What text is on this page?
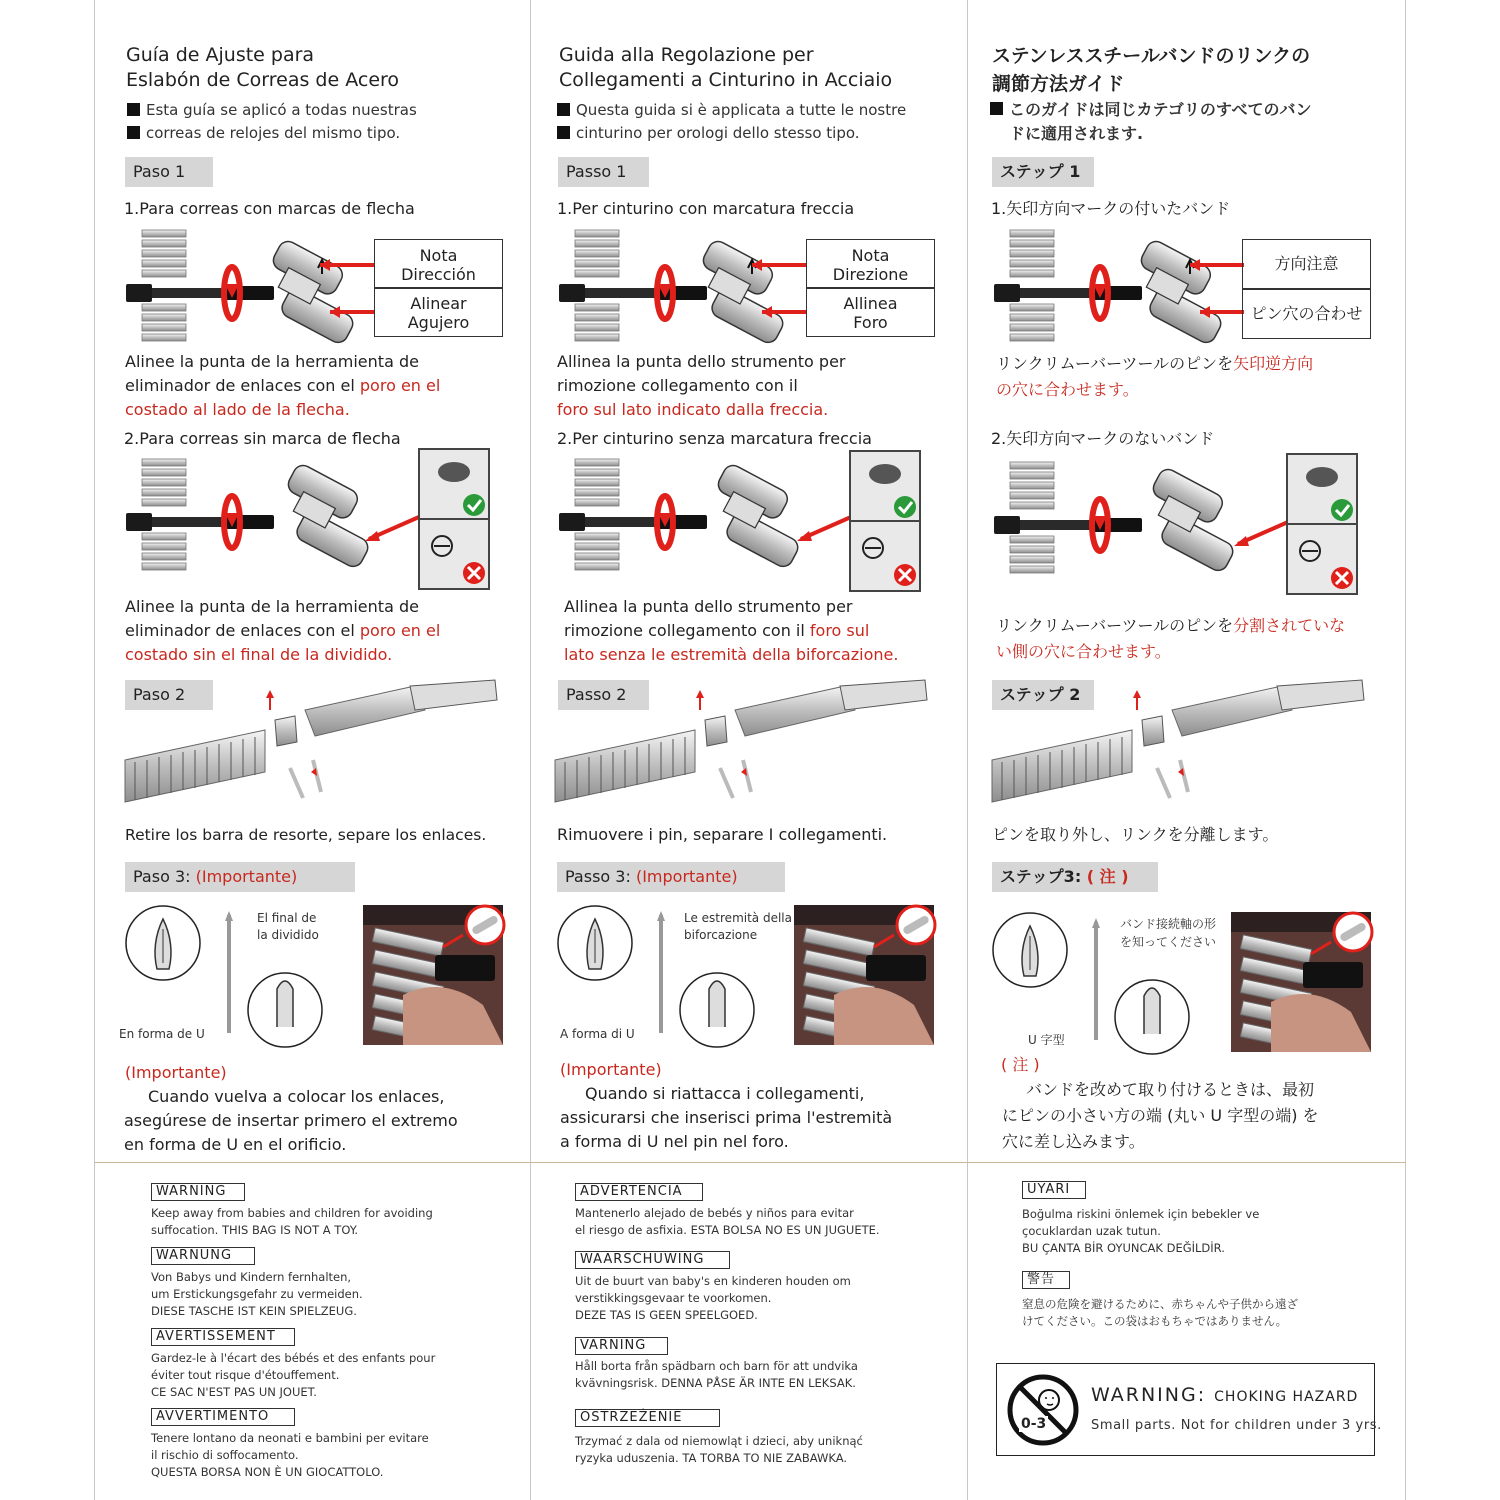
Guía de Ajuste para
Eslabón de Correas de Acero
Esta guía se aplicó a todas nuestras
correas de relojes del mismo tipo.
Paso 1
1.Para correas con marcas de flecha
Nota
Dirección
Alinear
Agujero
Alinee la punta de la herramienta de
eliminador de enlaces con el poro en el
costado al lado de la flecha.
2.Para correas sin marca de flecha
Alinee la punta de la herramienta de
eliminador de enlaces con el poro en el
costado sin el final de la dividido.
Paso 2
Retire los barra de resorte, separe los enlaces.
Paso 3: (Importante)
El final de
la dividido
En forma de U
(Importante)
Cuando vuelva a colocar los enlaces,
asegúrese de insertar primero el extremo
en forma de U en el orificio.
Guida alla Regolazione per
Collegamenti a Cinturino in Acciaio
Questa guida si è applicata a tutte le nostre
cinturino per orologi dello stesso tipo.
Passo 1
1.Per cinturino con marcatura freccia
Nota
Direzione
Allinea
Foro
Allinea la punta dello strumento per
rimozione collegamento con il
foro sul lato indicato dalla freccia.
2.Per cinturino senza marcatura freccia
Allinea la punta dello strumento per
rimozione collegamento con il foro sul
lato senza le estremità della biforcazione.
Passo 2
Rimuovere i pin, separare I collegamenti.
Passo 3: (Importante)
Le estremità della
biforcazione
A forma di U
(Importante)
Quando si riattacca i collegamenti,
assicurarsi che inserisci prima l'estremità
a forma di U nel pin nel foro.
ステンレススチールバンドのリンクの
調節方法ガイド
このガイドは同じカテゴリのすべてのバン
ドに適用されます.
ステップ 1
1.矢印方向マークの付いたバンド
方向注意
ピン穴の合わせ
リンクリムーバーツールのピンを矢印逆方向
の穴に合わせます。
2.矢印方向マークのないバンド
リンクリムーバーツールのピンを分割されていな
い側の穴に合わせます。
ステップ 2
ピンを取り外し、リンクを分離します。
ステップ3: ( 注 )
バンド接続軸の形
を知ってください
U 字型
( 注 )
バンドを改めて取り付けるときは、最初
にピンの小さい方の端 (丸い U 字型の端) を
穴に差し込みます。
WARNING
Keep away from babies and children for avoiding
suffocation. THIS BAG IS NOT A TOY.
WARNUNG
Von Babys und Kindern fernhalten,
um Erstickungsgefahr zu vermeiden.
DIESE TASCHE IST KEIN SPIELZEUG.
AVERTISSEMENT
Gardez-le à l'écart des bébés et des enfants pour
éviter tout risque d'étouffement.
CE SAC N'EST PAS UN JOUET.
AVVERTIMENTO
Tenere lontano da neonati e bambini per evitare
il rischio di soffocamento.
QUESTA BORSA NON È UN GIOCATTOLO.
ADVERTENCIA
Mantenerlo alejado de bebés y niños para evitar
el riesgo de asfixia. ESTA BOLSA NO ES UN JUGUETE.
WAARSCHUWING
Uit de buurt van baby's en kinderen houden om
verstikkingsgevaar te voorkomen.
DEZE TAS IS GEEN SPEELGOED.
VARNING
Håll borta från spädbarn och barn för att undvika
kvävningsrisk. DENNA PÅSE ÄR INTE EN LEKSAK.
OSTRZEŻENIE
Trzymać z dala od niemowląt i dzieci, aby uniknąć
ryzyka uduszenia. TA TORBA TO NIE ZABAWKA.
UYARI
Boğulma riskini önlemek için bebekler ve
çocuklardan uzak tutun.
BU ÇANTA BİR OYUNCAK DEĞİLDİR.
警告
窒息の危険を避けるために、赤ちゃんや子供から遠ざ
けてください。この袋はおもちゃではありません。
0-3
WARNING: CHOKING HAZARD
Small parts. Not for children under 3 yrs.
